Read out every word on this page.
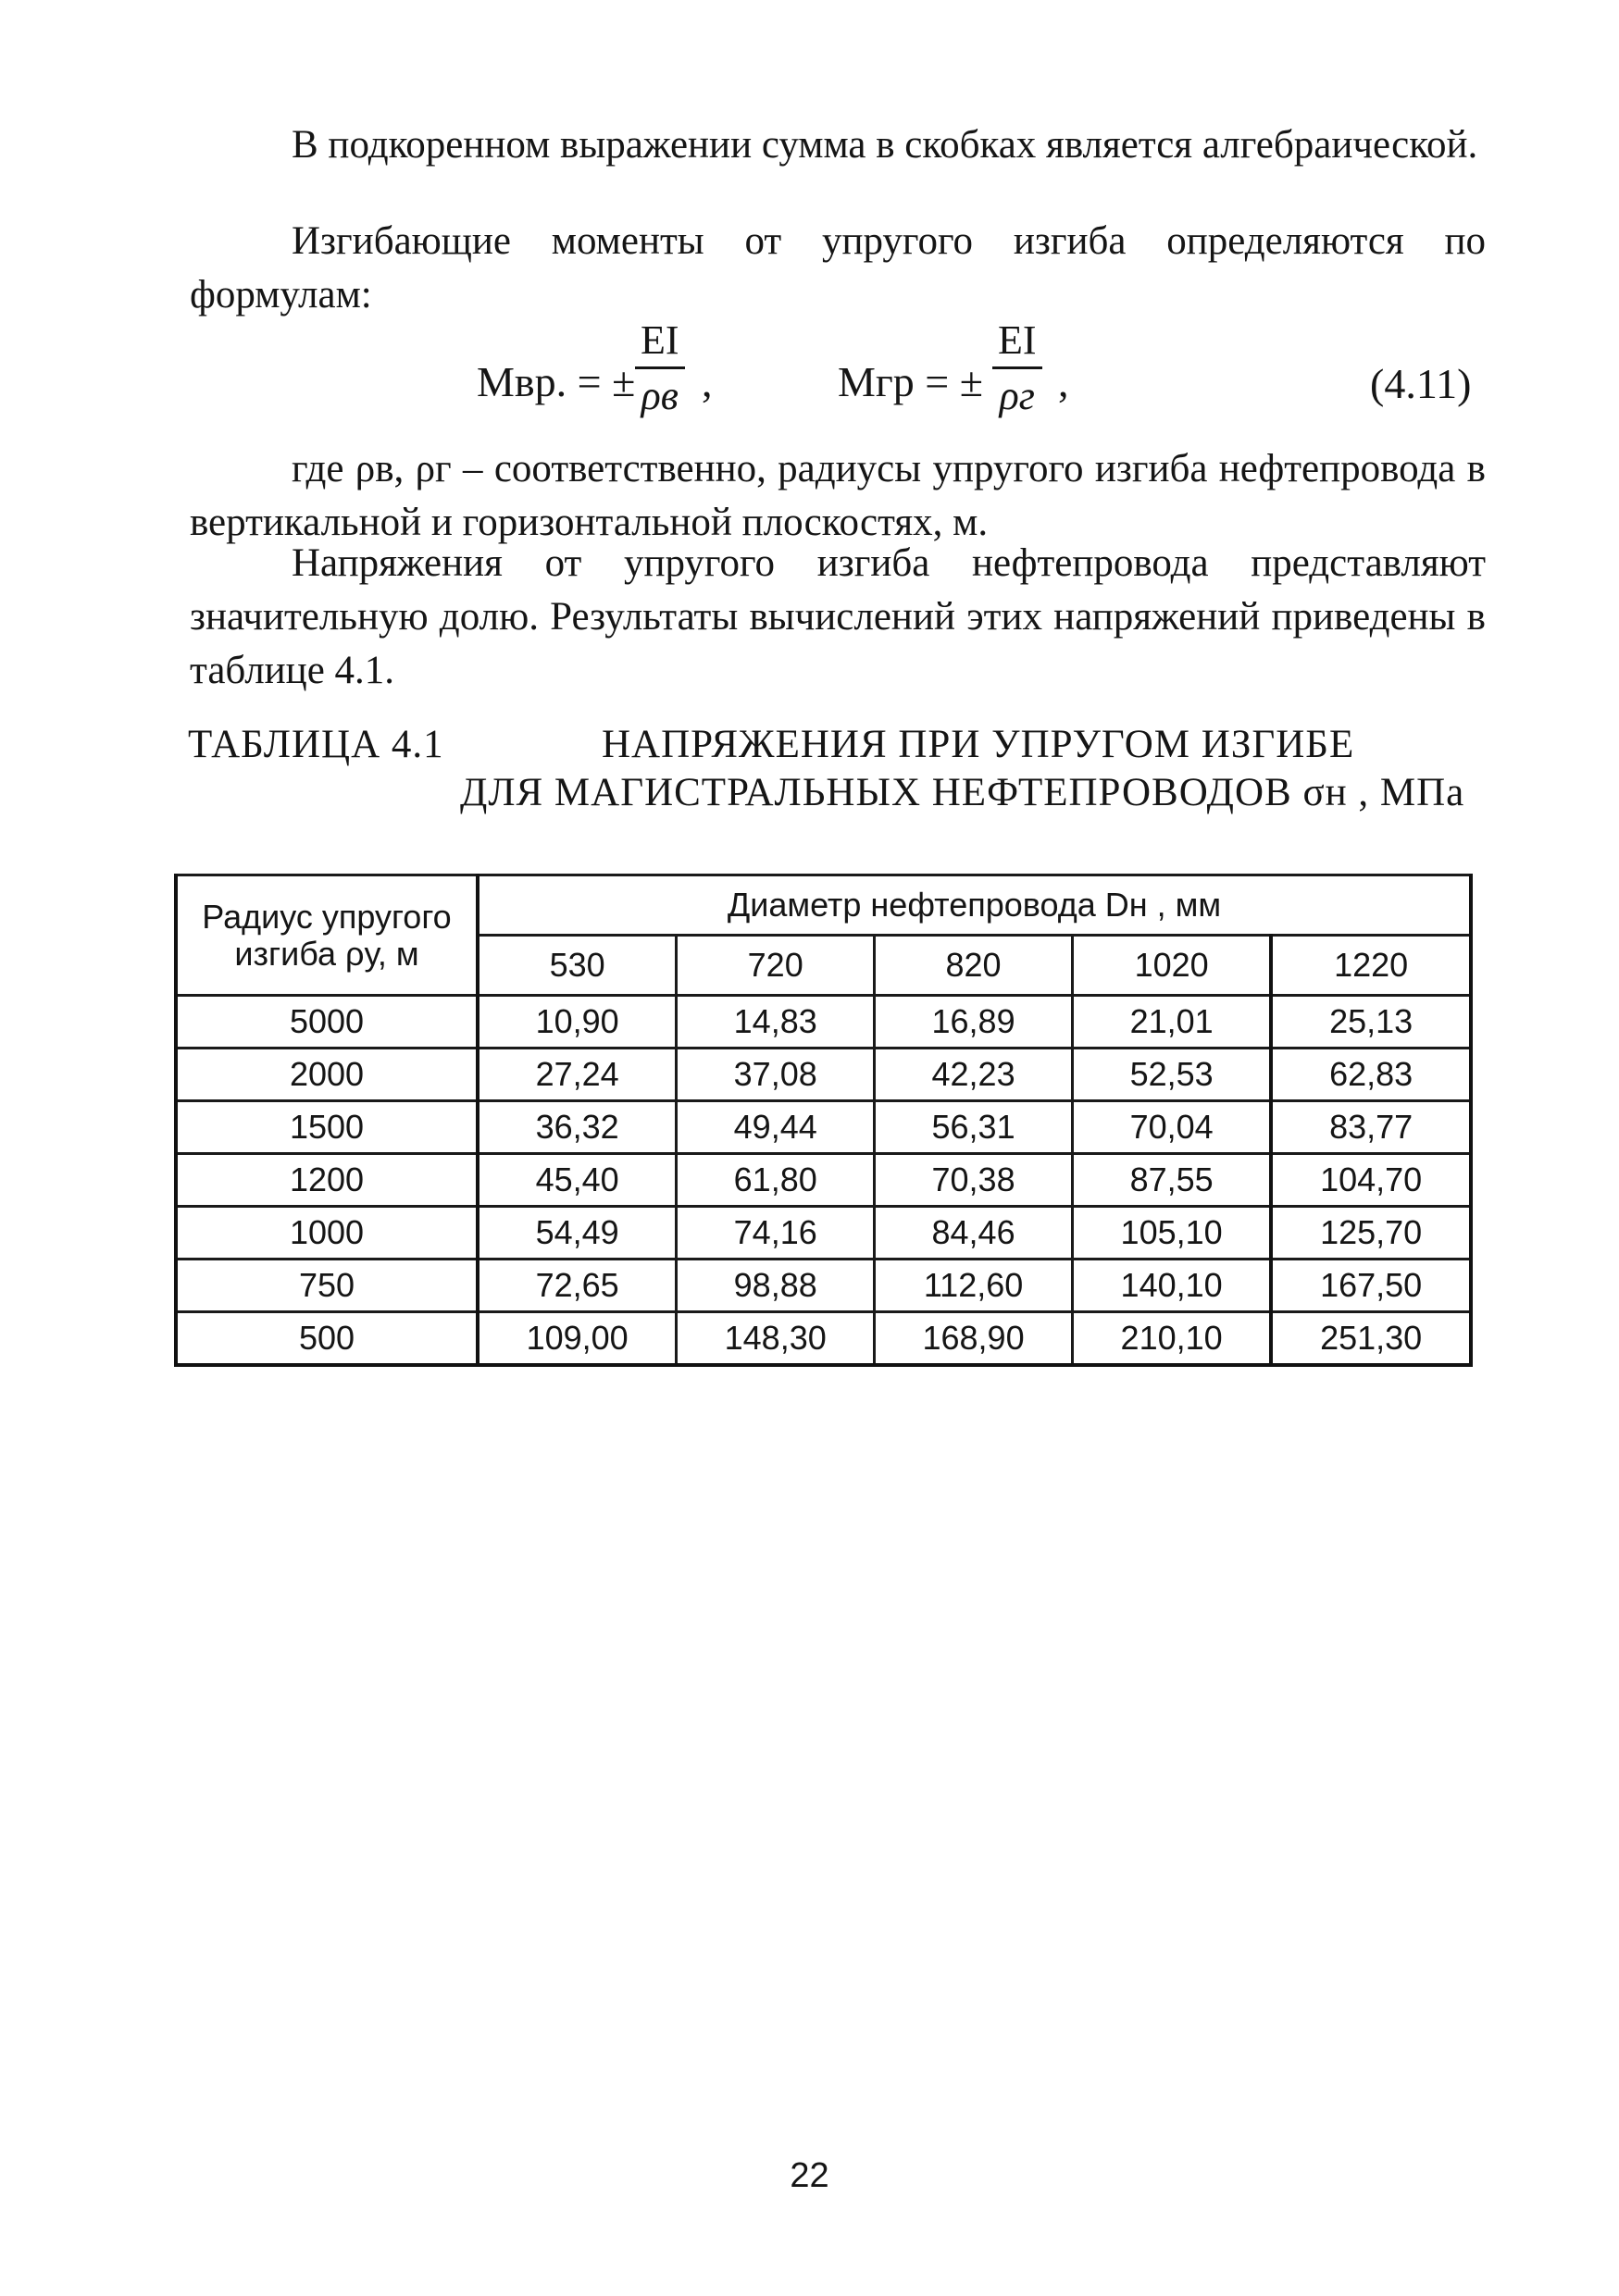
В подкоренном выражении сумма в скобках является алгебраической.

Изгибающие моменты от упругого изгиба определяются по формулам:

Mвр. = ±
EI
ρв ,	Mгр = ±
EI
ρг ,	(4.11)

где ρв, ρг – соответственно, радиусы упругого изгиба нефтепровода в вертикальной и горизонтальной плоскостях, м.

Напряжения от упругого изгиба нефтепровода представляют значительную долю. Результаты вычислений этих напряжений приведены в таблице 4.1.

ТАБЛИЦА 4.1	НАПРЯЖЕНИЯ ПРИ УПРУГОМ ИЗГИБЕ
ДЛЯ МАГИСТРАЛЬНЫХ НЕФТЕПРОВОДОВ σн , МПа
Радиус упругого изгиба ρу, м	Диаметр нефтепровода Dн , мм				
	530	720	820	1020	1220
5000	10,90	14,83	16,89	21,01	25,13
2000	27,24	37,08	42,23	52,53	62,83
1500	36,32	49,44	56,31	70,04	83,77
1200	45,40	61,80	70,38	87,55	104,70
1000	54,49	74,16	84,46	105,10	125,70
750	72,65	98,88	112,60	140,10	167,50
500	109,00	148,30	168,90	210,10	251,30
22
